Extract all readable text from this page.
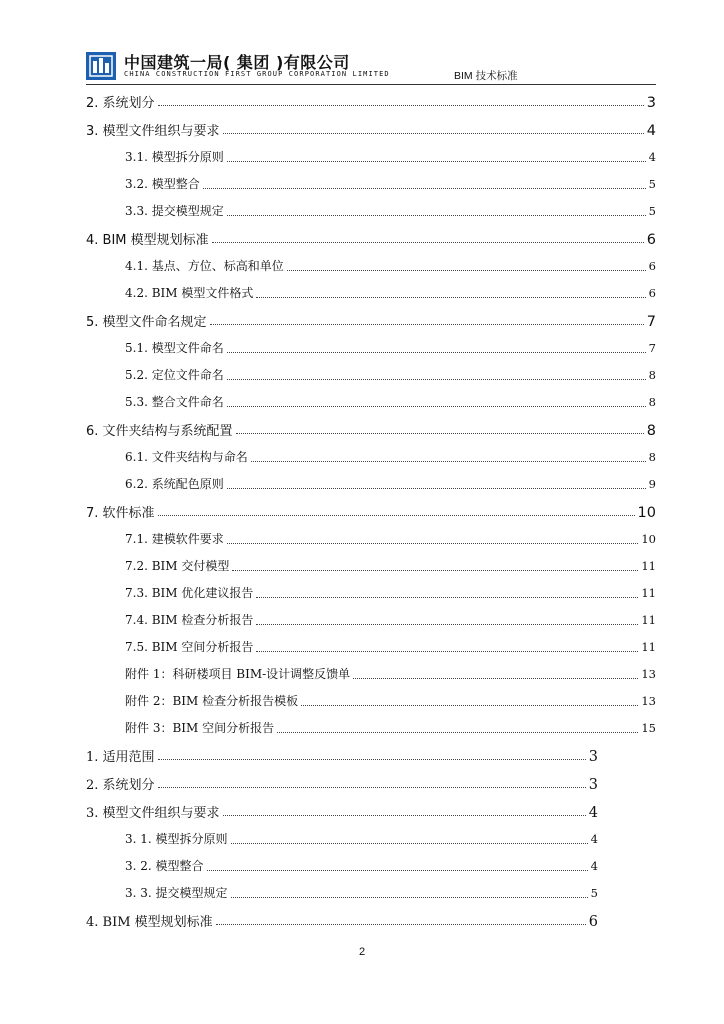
中国建筑一局( 集团 )有限公司
CHINA CONSTRUCTION FIRST GROUP CORPORATION LIMITED	BIM 技术标准
2. 系统划分	3
3. 模型文件组织与要求	4
3.1. 模型拆分原则	4
3.2. 模型整合	5
3.3. 提交模型规定	5
4. BIM 模型规划标准	6
4.1. 基点、方位、标高和单位	6
4.2. BIM 模型文件格式	6
5. 模型文件命名规定	7
5.1. 模型文件命名	7
5.2. 定位文件命名	8
5.3. 整合文件命名	8
6. 文件夹结构与系统配置	8
6.1. 文件夹结构与命名	8
6.2. 系统配色原则	9
7. 软件标准	10
7.1. 建模软件要求	10
7.2. BIM 交付模型	11
7.3. BIM 优化建议报告	11
7.4. BIM 检查分析报告	11
7.5. BIM 空间分析报告	11
附件 1：科研楼项目 BIM-设计调整反馈单	13
附件 2：BIM 检查分析报告模板	13
附件 3：BIM 空间分析报告	15
1. 适用范围	3
2. 系统划分	3
3. 模型文件组织与要求	4
3. 1. 模型拆分原则	4
3. 2. 模型整合	4
3. 3. 提交模型规定	5
4. BIM 模型规划标准	6
2
